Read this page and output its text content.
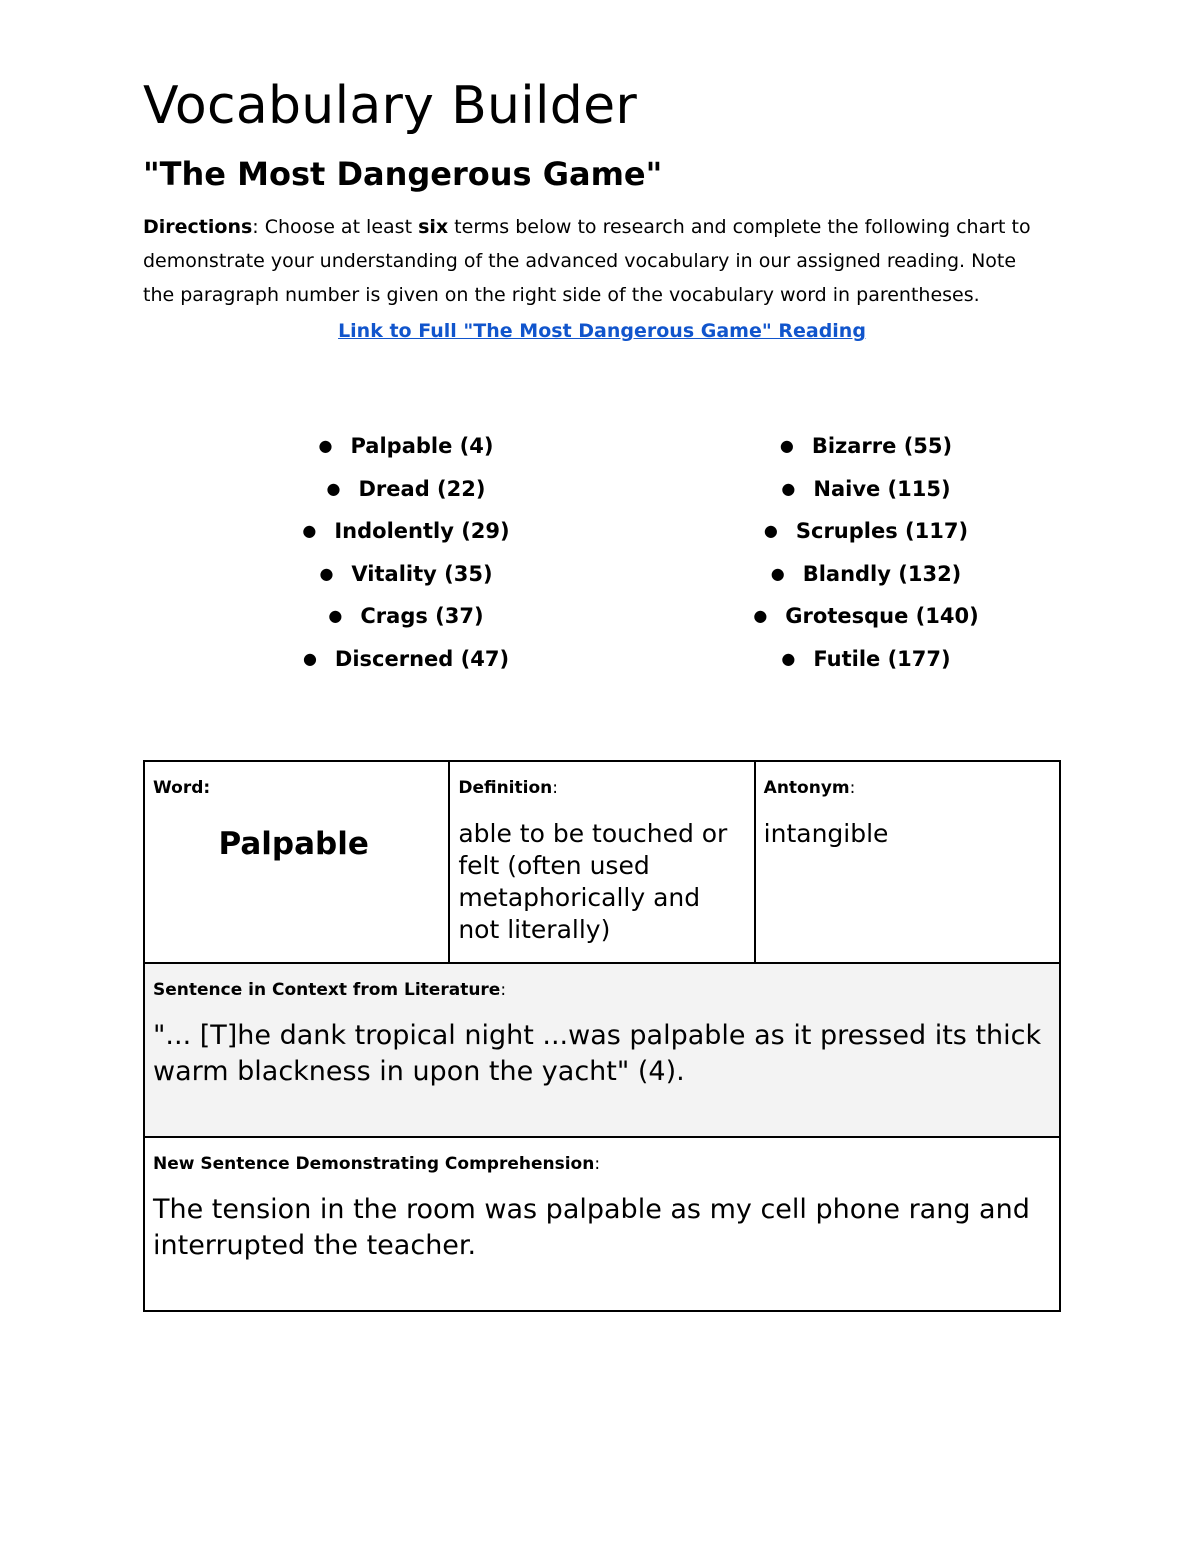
Vocabulary Builder
"The Most Dangerous Game"

Directions: Choose at least six terms below to research and complete the following chart to demonstrate your understanding of the advanced vocabulary in our assigned reading. Note the paragraph number is given on the right side of the vocabulary word in parentheses.

Link to Full "The Most Dangerous Game" Reading
● Palpable (4)
● Dread (22)
● Indolently (29)
● Vitality (35)
● Crags (37)
● Discerned (47)
● Bizarre (55)
● Naive (115)
● Scruples (117)
● Blandly (132)
● Grotesque (140)
● Futile (177)
Word:
Palpable

Definition:
able to be touched or felt (often used metaphorically and not literally)

Antonym:
intangible

Sentence in Context from Literature:
"... [T]he dank tropical night ...was palpable as it pressed its thick warm blackness in upon the yacht" (4).

New Sentence Demonstrating Comprehension:
The tension in the room was palpable as my cell phone rang and interrupted the teacher.
